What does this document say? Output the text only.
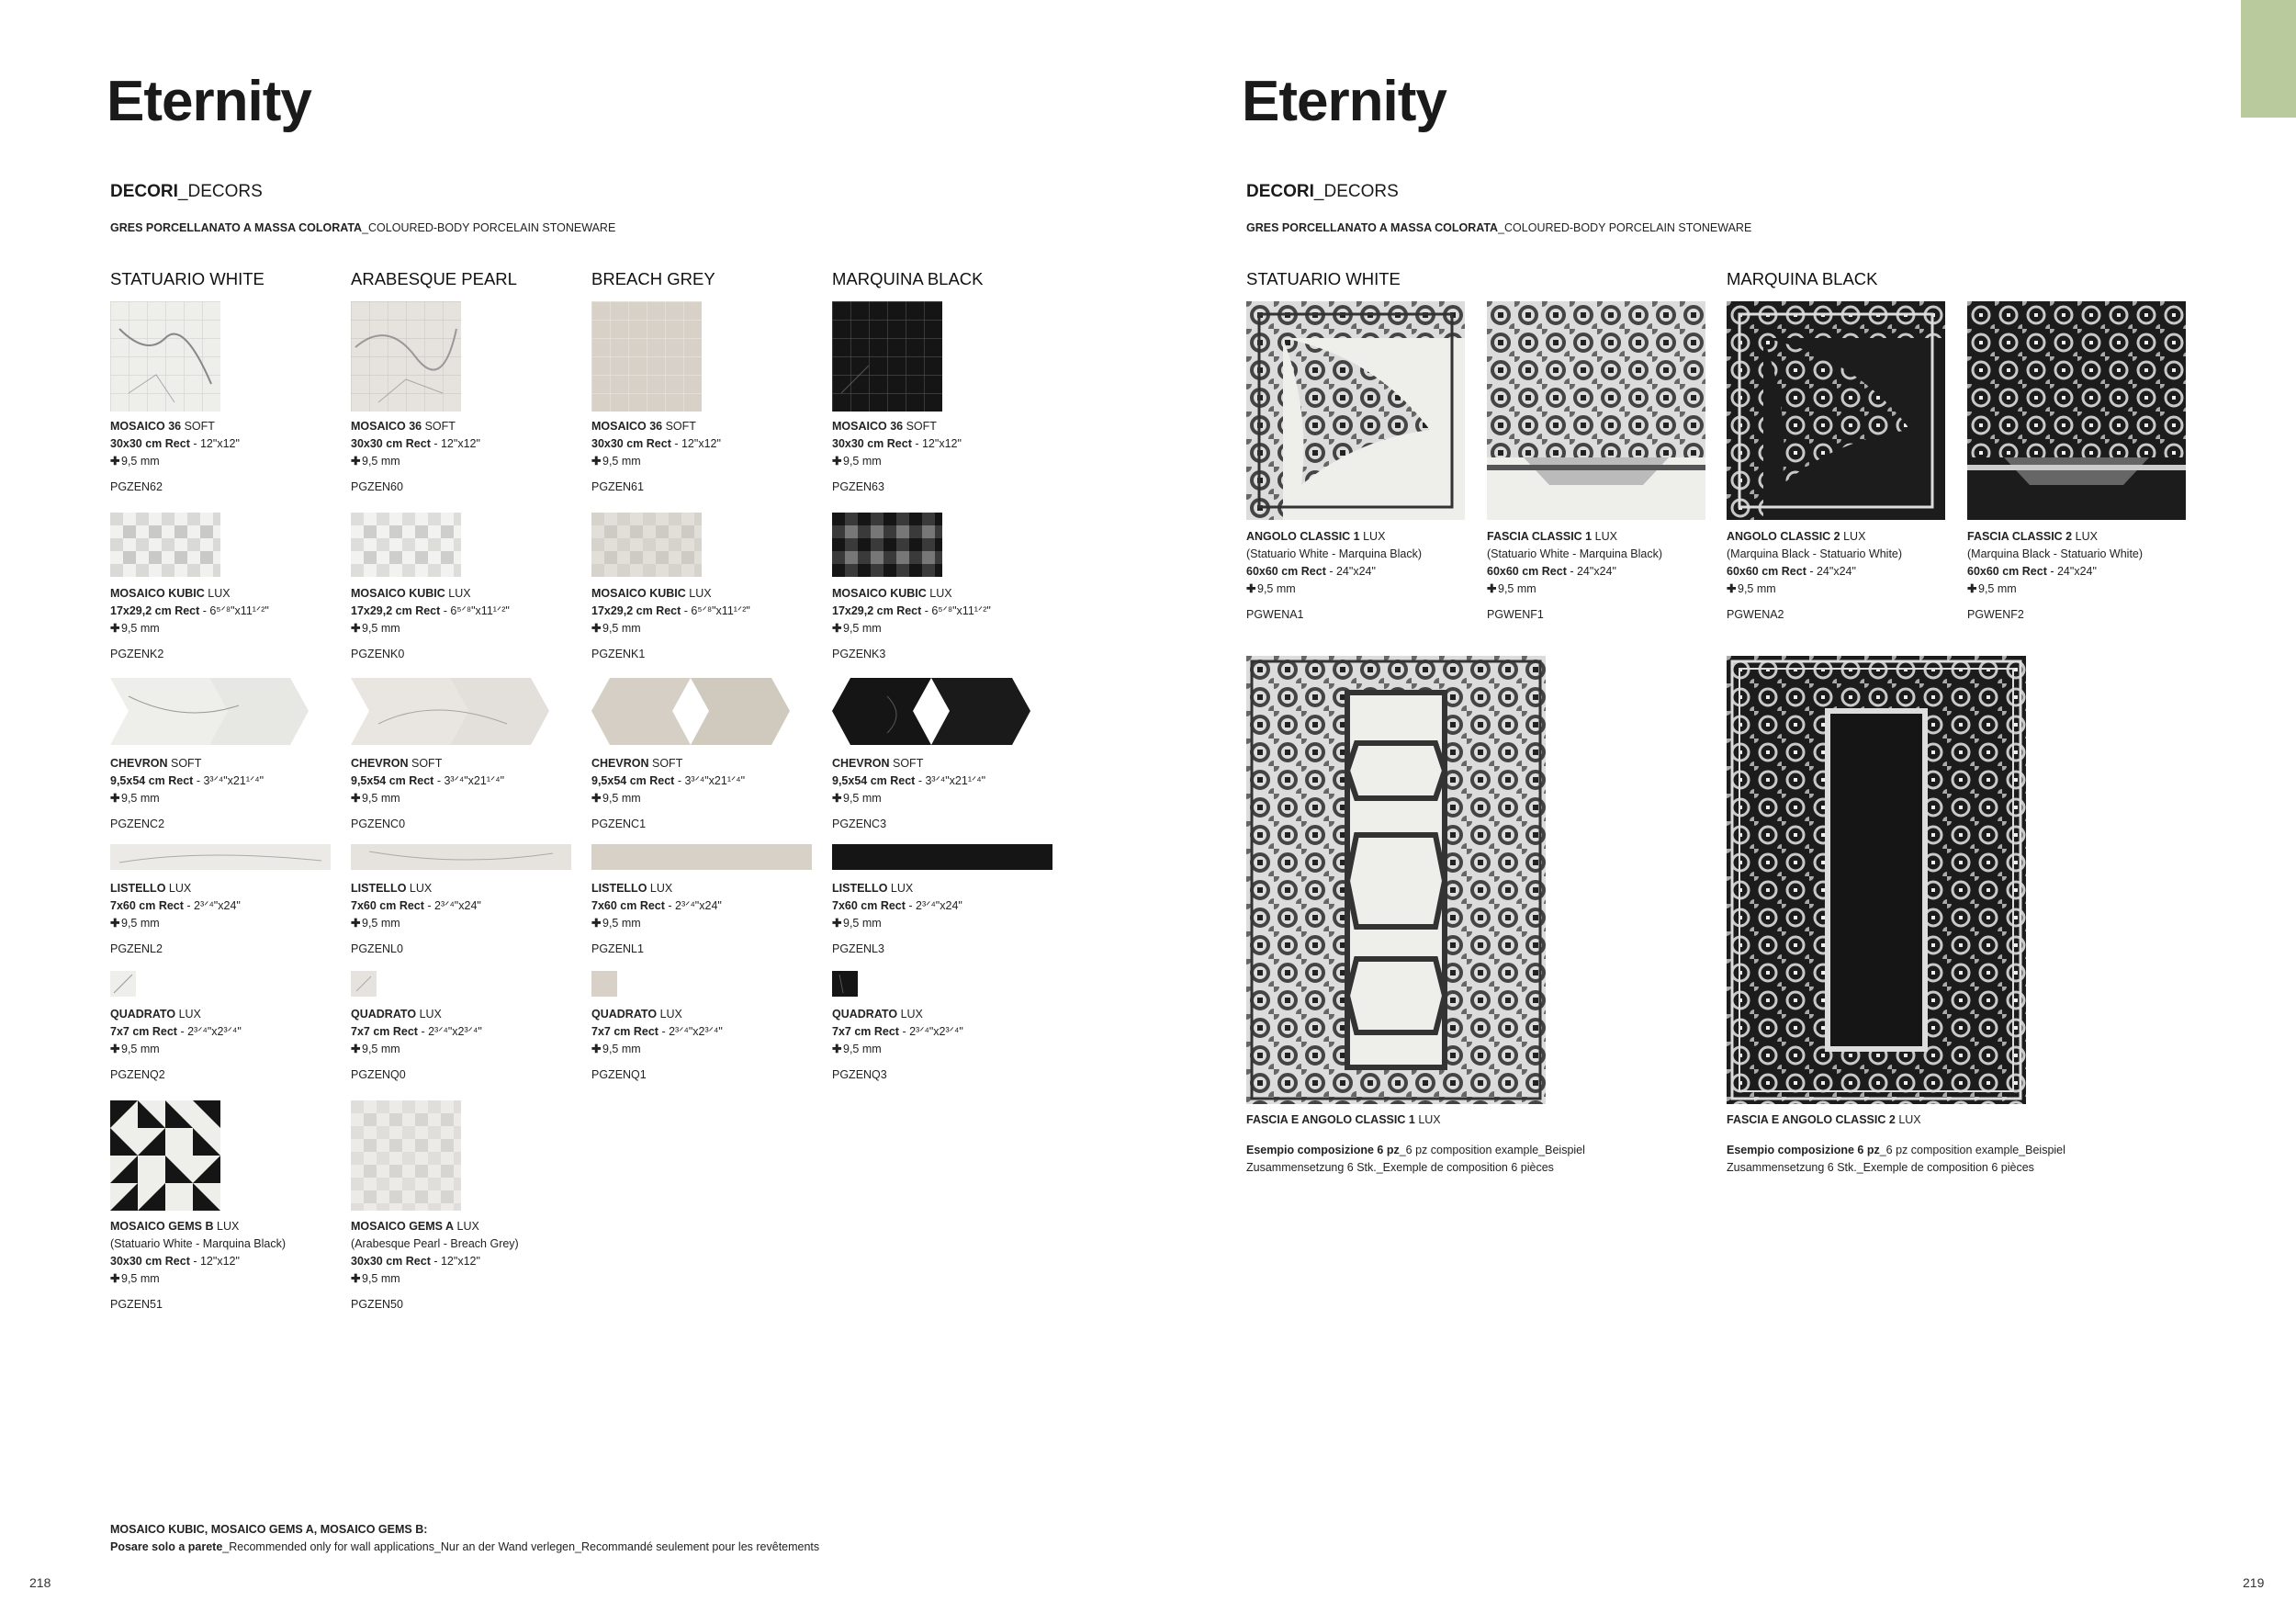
Eternity
DECORI_DECORS
GRES PORCELLANATO A MASSA COLORATA_COLOURED-BODY PORCELAIN STONEWARE
STATUARIO WHITE	ARABESQUE PEARL	BREACH GREY	MARQUINA BLACK
MOSAICO 36 SOFT
30x30 cm Rect - 12"x12"
✚ 9,5 mm
PGZEN62
MOSAICO 36 SOFT
30x30 cm Rect - 12"x12"
✚ 9,5 mm
PGZEN60
MOSAICO 36 SOFT
30x30 cm Rect - 12"x12"
✚ 9,5 mm
PGZEN61
MOSAICO 36 SOFT
30x30 cm Rect - 12"x12"
✚ 9,5 mm
PGZEN63
MOSAICO KUBIC LUX
17x29,2 cm Rect - 6⁵ᐟ⁸"x11¹ᐟ²"
✚ 9,5 mm
PGZENK2
MOSAICO KUBIC LUX
17x29,2 cm Rect - 6⁵ᐟ⁸"x11¹ᐟ²"
✚ 9,5 mm
PGZENK0
MOSAICO KUBIC LUX
17x29,2 cm Rect - 6⁵ᐟ⁸"x11¹ᐟ²"
✚ 9,5 mm
PGZENK1
MOSAICO KUBIC LUX
17x29,2 cm Rect - 6⁵ᐟ⁸"x11¹ᐟ²"
✚ 9,5 mm
PGZENK3
CHEVRON SOFT
9,5x54 cm Rect - 3³ᐟ⁴"x21¹ᐟ⁴"
✚ 9,5 mm
PGZENC2
CHEVRON SOFT
9,5x54 cm Rect - 3³ᐟ⁴"x21¹ᐟ⁴"
✚ 9,5 mm
PGZENC0
CHEVRON SOFT
9,5x54 cm Rect - 3³ᐟ⁴"x21¹ᐟ⁴"
✚ 9,5 mm
PGZENC1
CHEVRON SOFT
9,5x54 cm Rect - 3³ᐟ⁴"x21¹ᐟ⁴"
✚ 9,5 mm
PGZENC3
LISTELLO LUX
7x60 cm Rect - 2³ᐟ⁴"x24"
✚ 9,5 mm
PGZENL2
LISTELLO LUX
7x60 cm Rect - 2³ᐟ⁴"x24"
✚ 9,5 mm
PGZENL0
LISTELLO LUX
7x60 cm Rect - 2³ᐟ⁴"x24"
✚ 9,5 mm
PGZENL1
LISTELLO LUX
7x60 cm Rect - 2³ᐟ⁴"x24"
✚ 9,5 mm
PGZENL3
QUADRATO LUX
7x7 cm Rect - 2³ᐟ⁴"x2³ᐟ⁴"
✚ 9,5 mm
PGZENQ2
QUADRATO LUX
7x7 cm Rect - 2³ᐟ⁴"x2³ᐟ⁴"
✚ 9,5 mm
PGZENQ0
QUADRATO LUX
7x7 cm Rect - 2³ᐟ⁴"x2³ᐟ⁴"
✚ 9,5 mm
PGZENQ1
QUADRATO LUX
7x7 cm Rect - 2³ᐟ⁴"x2³ᐟ⁴"
✚ 9,5 mm
PGZENQ3
MOSAICO GEMS B LUX
(Statuario White - Marquina Black)
30x30 cm Rect - 12"x12"
✚ 9,5 mm
PGZEN51
MOSAICO GEMS A LUX
(Arabesque Pearl - Breach Grey)
30x30 cm Rect - 12"x12"
✚ 9,5 mm
PGZEN50
MOSAICO KUBIC, MOSAICO GEMS A, MOSAICO GEMS B:
Posare solo a parete_Recommended only for wall applications_Nur an der Wand verlegen_Recommandé seulement pour les revêtements
218
Eternity
DECORI_DECORS
GRES PORCELLANATO A MASSA COLORATA_COLOURED-BODY PORCELAIN STONEWARE
STATUARIO WHITE	MARQUINA BLACK
ANGOLO CLASSIC 1 LUX
(Statuario White - Marquina Black)
60x60 cm Rect - 24"x24"
✚ 9,5 mm
PGWENA1
FASCIA CLASSIC 1 LUX
(Statuario White - Marquina Black)
60x60 cm Rect - 24"x24"
✚ 9,5 mm
PGWENF1
ANGOLO CLASSIC 2 LUX
(Marquina Black - Statuario White)
60x60 cm Rect - 24"x24"
✚ 9,5 mm
PGWENA2
FASCIA CLASSIC 2 LUX
(Marquina Black - Statuario White)
60x60 cm Rect - 24"x24"
✚ 9,5 mm
PGWENF2
FASCIA E ANGOLO CLASSIC 1 LUX
Esempio composizione 6 pz_6 pz composition example_Beispiel
Zusammensetzung 6 Stk._Exemple de composition 6 pièces
FASCIA E ANGOLO CLASSIC 2 LUX
Esempio composizione 6 pz_6 pz composition example_Beispiel
Zusammensetzung 6 Stk._Exemple de composition 6 pièces
219
